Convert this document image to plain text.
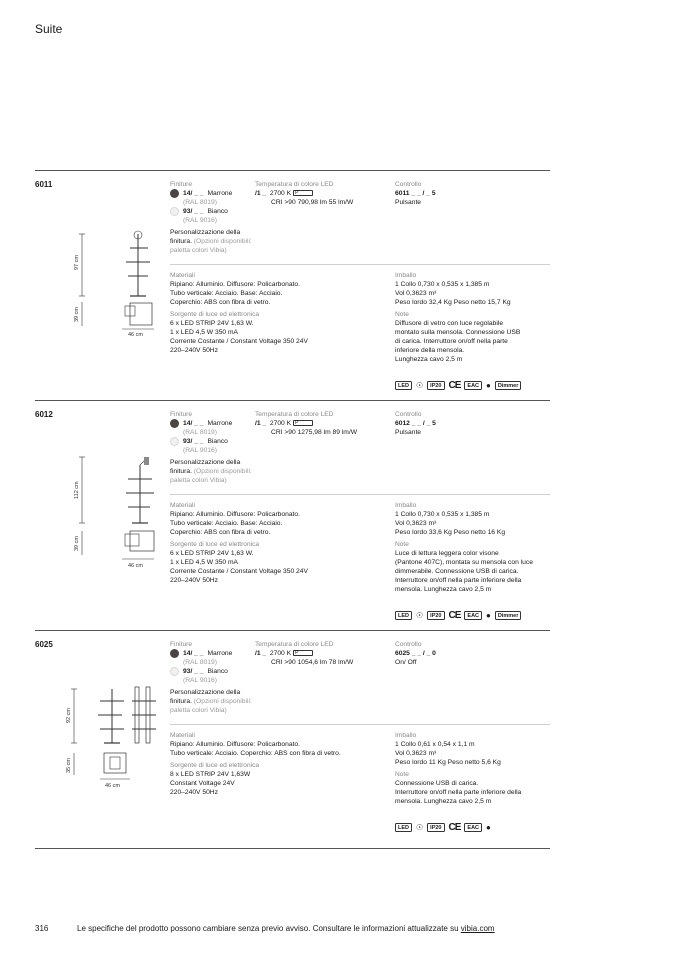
Suite
6011
97 cm
39 cm
46 cm
Finiture
14/ _ _ Marrone
(RAL 8019)
93/ _ _ Bianco
(RAL 9016)
Personalizzazione della
finitura. (Opzioni disponibili:
paletta colori Vibia)
Temperatura di colore LED
/1 _ 2700 K P
CRI >90 790,98 lm 55 lm/W
Controllo
6011 _ _ / _ 5
Pulsante
Materiali
Ripiano: Alluminio. Diffusore: Policarbonato.
Tubo verticale: Acciaio. Base: Acciaio.
Coperchio: ABS con fibra di vetro.
Sorgente di luce ed elettronica
6 x LED STRIP 24V 1,63 W.
1 x LED 4,5 W 350 mA
Corrente Costante / Constant Voltage 350 24V
220–240V 50Hz
Imballo
1 Collo 0,730 x 0,535 x 1,385 m
Vol 0,3623 m³
Peso lordo 32,4 Kg Peso netto 15,7 Kg
Note
Diffusore di vetro con luce regolabile
montato sulla mensola. Connessione USB
di carica. Interruttore on/off nella parte
inferiore della mensola.
Lunghezza cavo 2,5 m
LED ☉	IP20 CE	EAC ●	Dimmer
6012
112 cm
39 cm
46 cm
Finiture
14/ _ _ Marrone
(RAL 8019)
93/ _ _ Bianco
(RAL 9016)
Personalizzazione della
finitura. (Opzioni disponibili:
paletta colori Vibia)
Temperatura di colore LED
/1 _ 2700 K P
CRI >90 1275,98 lm 89 lm/W
Controllo
6012 _ _ / _ 5
Pulsante
Materiali
Ripiano: Alluminio. Diffusore: Policarbonato.
Tubo verticale: Acciaio. Base: Acciaio.
Coperchio: ABS con fibra di vetro.
Sorgente di luce ed elettronica
6 x LED STRIP 24V 1,63 W.
1 x LED 4,5 W 350 mA
Corrente Costante / Constant Voltage 350 24V
220–240V 50Hz
Imballo
1 Collo 0,730 x 0,535 x 1,385 m
Vol 0,3623 m³
Peso lordo 33,6 Kg Peso netto 16 Kg
Note
Luce di lettura leggera color visone
(Pantone 407C), montata su mensola con luce
dimmerabile. Connessione USB di carica.
Interruttore on/off nella parte inferiore della
mensola. Lunghezza cavo 2,5 m
LED ☉	IP20 CE	EAC ●	Dimmer
6025
92 cm
35 cm
46 cm
Finiture
14/ _ _ Marrone
(RAL 8019)
93/ _ _ Bianco
(RAL 9016)
Personalizzazione della
finitura. (Opzioni disponibili:
paletta colori Vibia)
Temperatura di colore LED
/1 _ 2700 K P
CRI >90 1054,6 lm 78 lm/W
Controllo
6025 _ _ / _ 0
On/ Off
Materiali
Ripiano: Alluminio. Diffusore: Policarbonato.
Tubo verticale: Acciaio. Coperchio: ABS con fibra di vetro.
Sorgente di luce ed elettronica
8 x LED STRIP 24V 1,63W
Constant Voltage 24V
220–240V 50Hz
Imballo
1 Collo 0,61 x 0,54 x 1,1 m
Vol 0,3623 m³
Peso lordo 11 Kg Peso netto 5,6 Kg
Note
Connessione USB di carica.
Interruttore on/off nella parte inferiore della
mensola. Lunghezza cavo 2,5 m
LED ☉	IP20 CE	EAC ●
316	Le specifiche del prodotto possono cambiare senza previo avviso. Consultare le informazioni attualizzate su vibia.com
